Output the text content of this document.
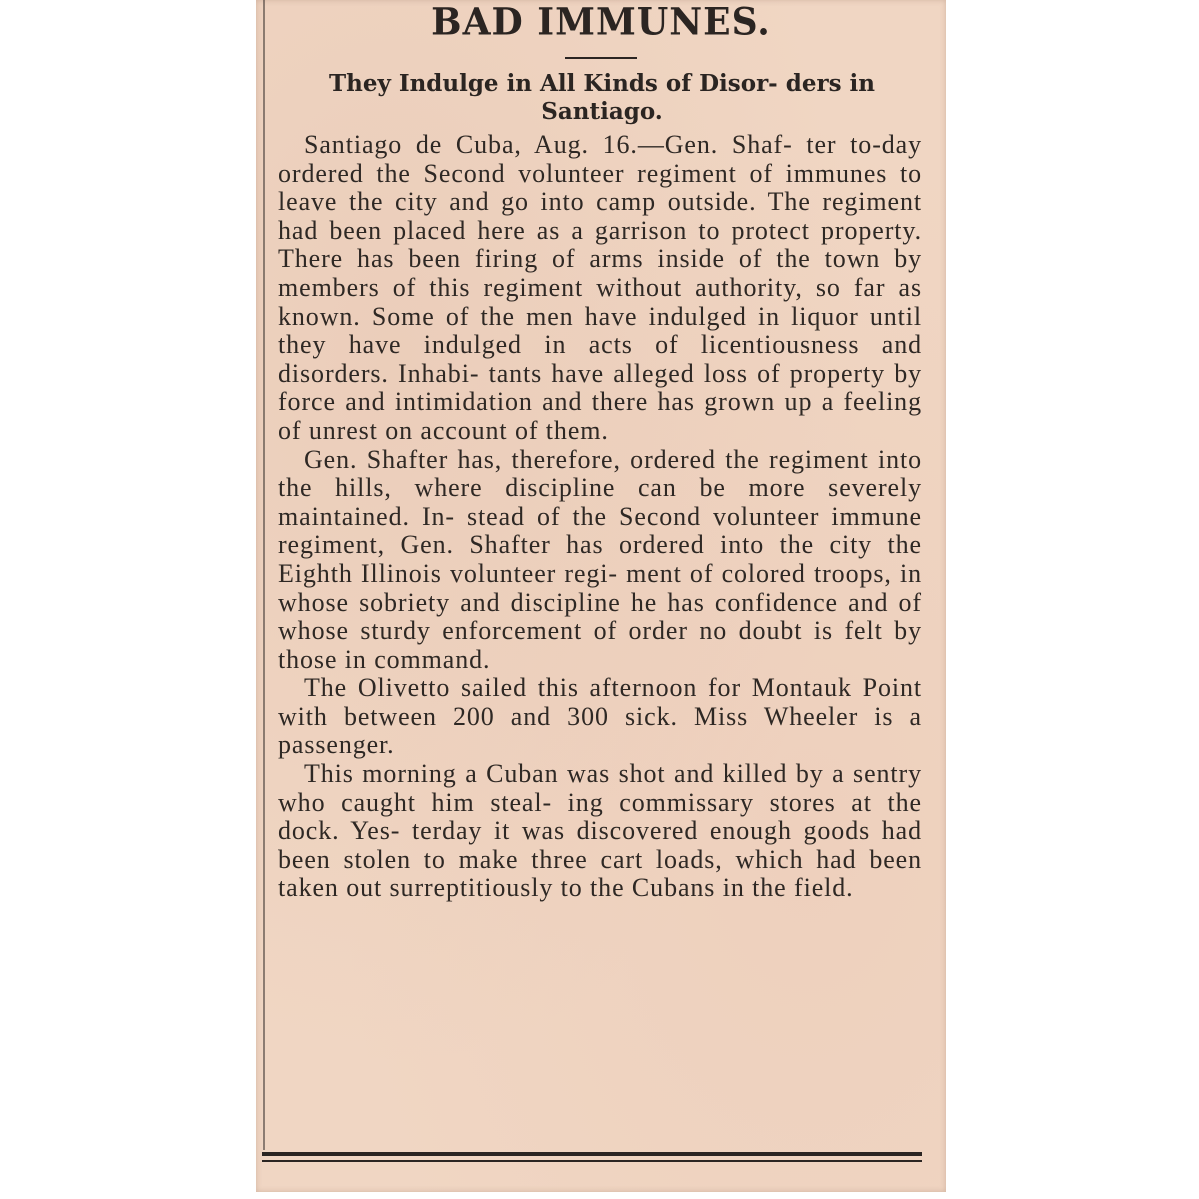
BAD IMMUNES.
They Indulge in All Kinds of Disor- ders in Santiago.

Santiago de Cuba, Aug. 16.—Gen. Shaf- ter to-day ordered the Second volunteer regiment of immunes to leave the city and go into camp outside. The regiment had been placed here as a garrison to protect property. There has been firing of arms inside of the town by members of this regiment without authority, so far as known. Some of the men have indulged in liquor until they have indulged in acts of licentiousness and disorders. Inhabi- tants have alleged loss of property by force and intimidation and there has grown up a feeling of unrest on account of them.

Gen. Shafter has, therefore, ordered the regiment into the hills, where discipline can be more severely maintained. In- stead of the Second volunteer immune regiment, Gen. Shafter has ordered into the city the Eighth Illinois volunteer regi- ment of colored troops, in whose sobriety and discipline he has confidence and of whose sturdy enforcement of order no doubt is felt by those in command.

The Olivetto sailed this afternoon for Montauk Point with between 200 and 300 sick. Miss Wheeler is a passenger.

This morning a Cuban was shot and killed by a sentry who caught him steal- ing commissary stores at the dock. Yes- terday it was discovered enough goods had been stolen to make three cart loads, which had been taken out surreptitiously to the Cubans in the field.
